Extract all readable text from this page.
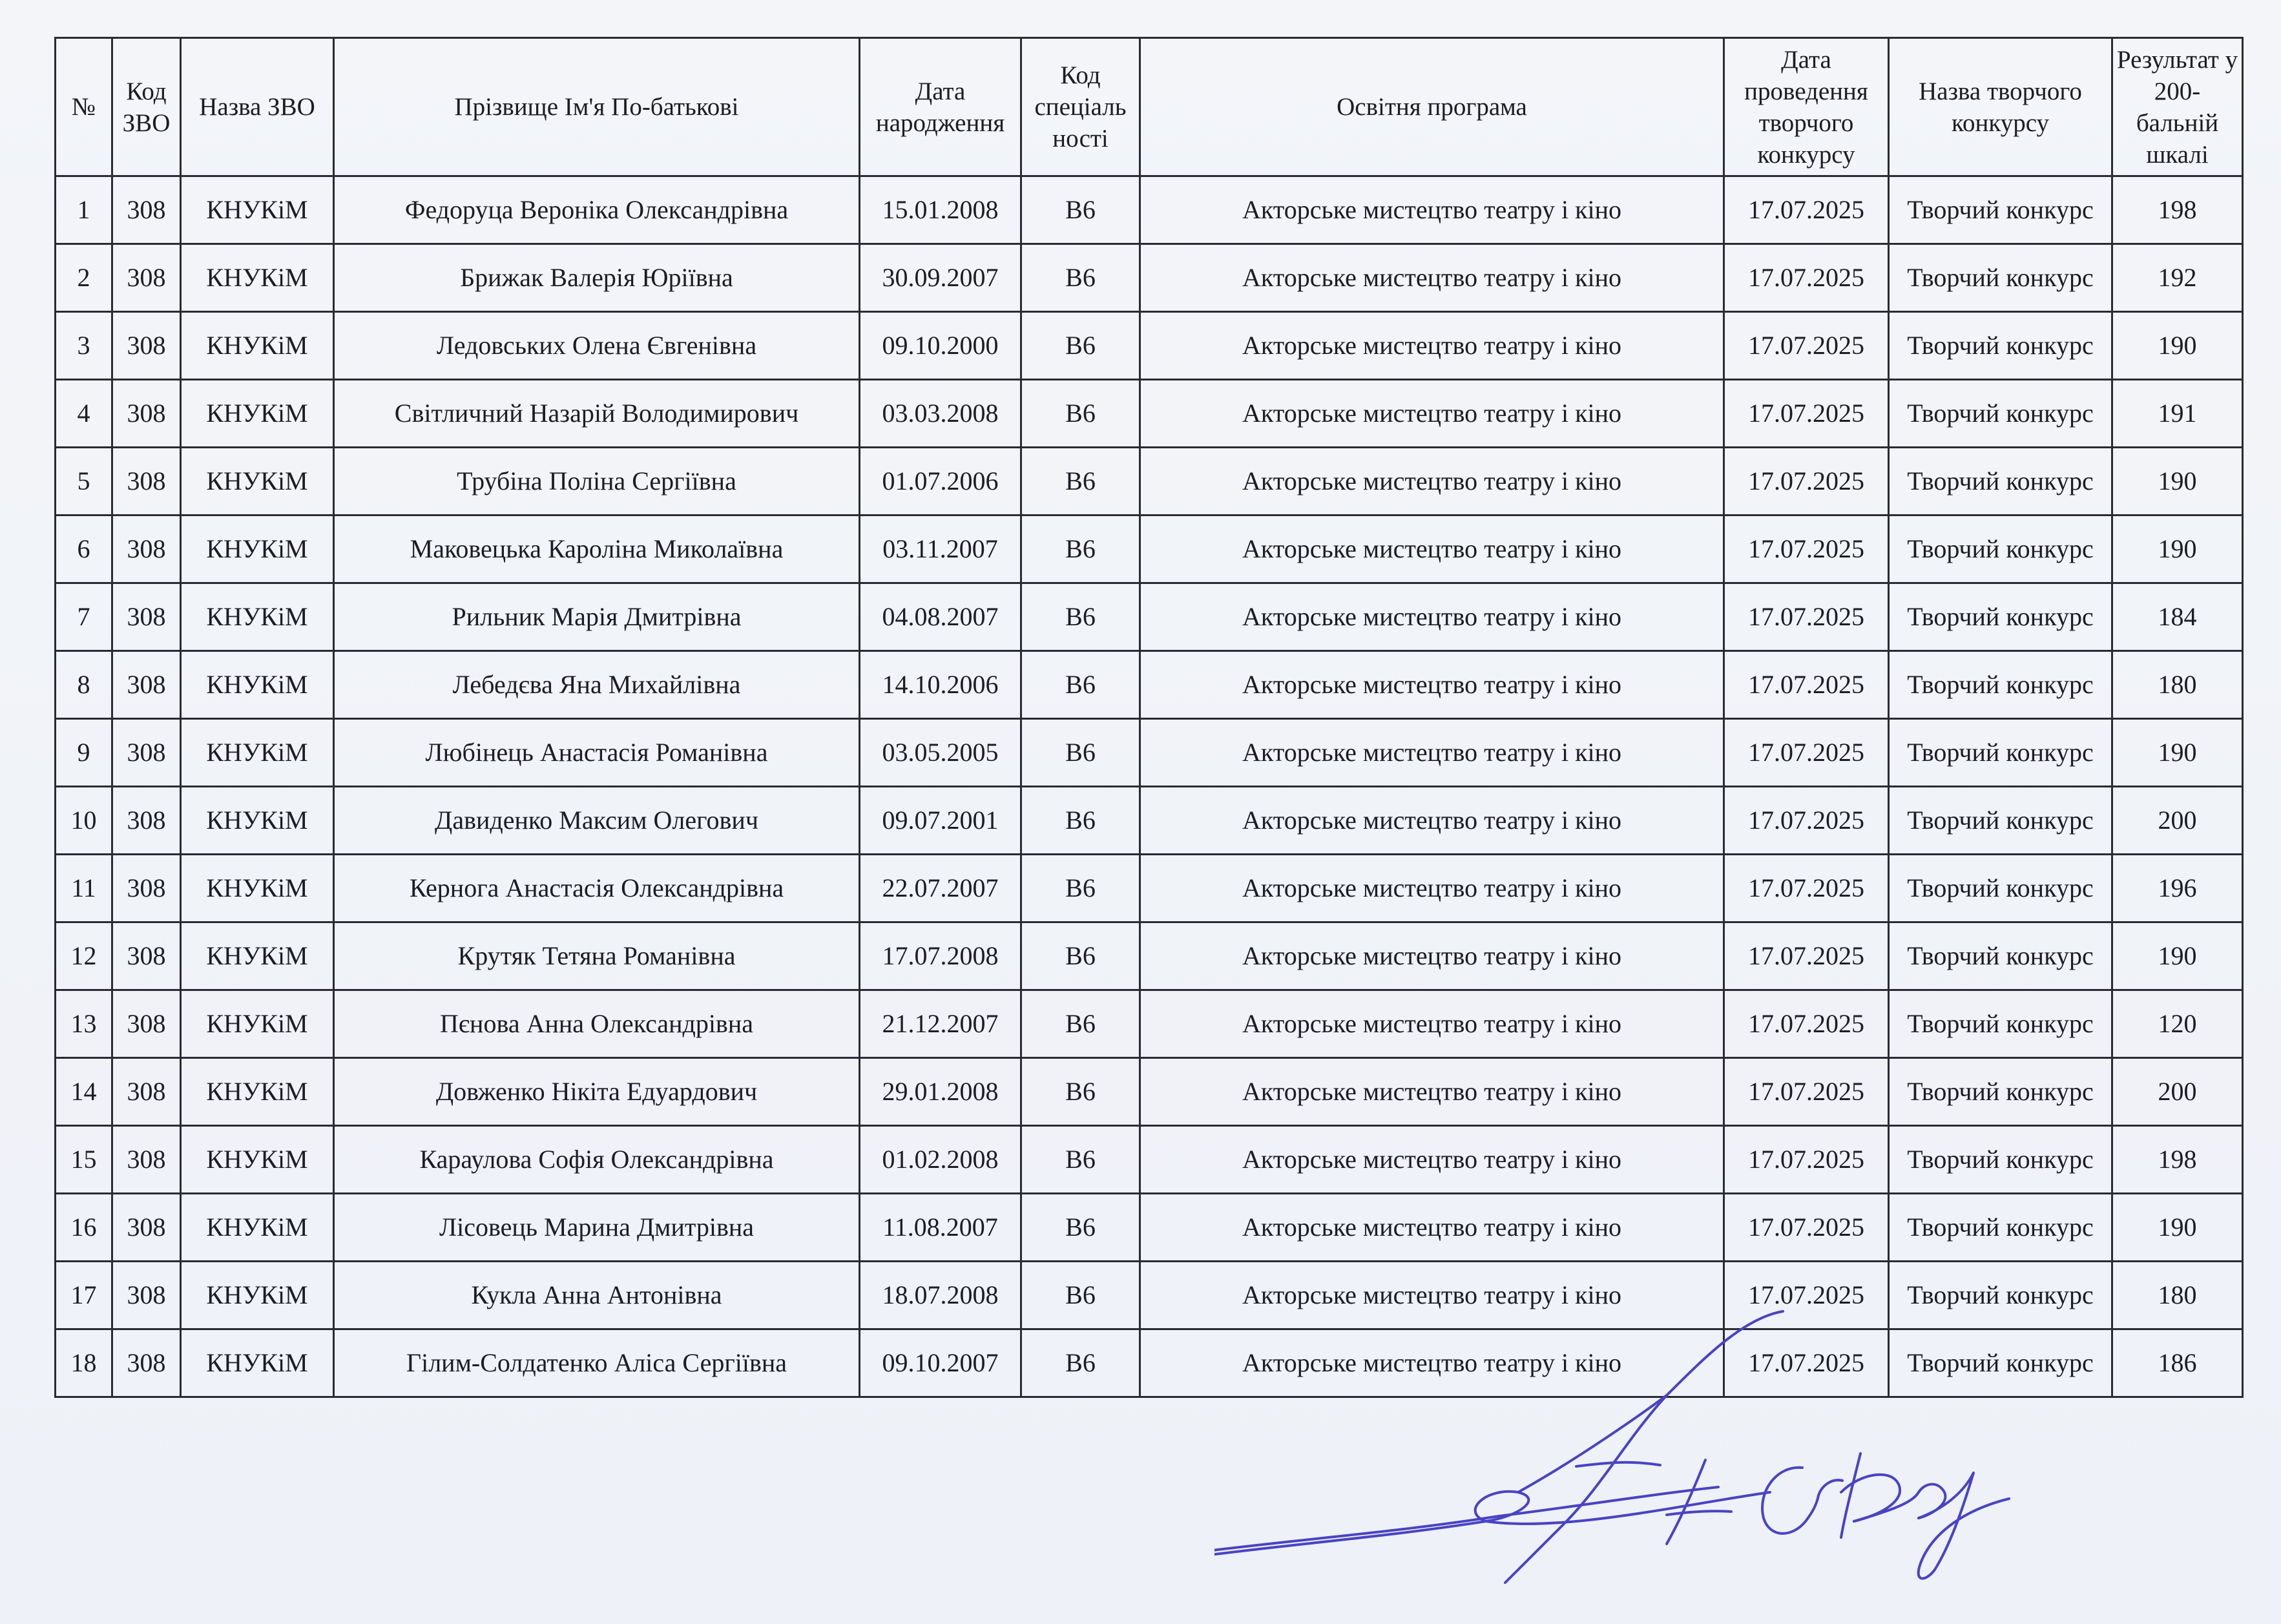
№	Код ЗВО	Назва ЗВО	Прізвище Ім'я По-батькові	Дата народження	Код спеціаль ності	Освітня програма	Дата проведення творчого конкурсу	Назва творчого конкурсу	Результат у 200-бальній шкалі
1	308	КНУКіМ	Федоруца Вероніка Олександрівна	15.01.2008	В6	Акторське мистецтво театру і кіно	17.07.2025	Творчий конкурс	198
2	308	КНУКіМ	Брижак Валерія Юріївна	30.09.2007	В6	Акторське мистецтво театру і кіно	17.07.2025	Творчий конкурс	192
3	308	КНУКіМ	Ледовських Олена Євгенівна	09.10.2000	В6	Акторське мистецтво театру і кіно	17.07.2025	Творчий конкурс	190
4	308	КНУКіМ	Світличний Назарій Володимирович	03.03.2008	В6	Акторське мистецтво театру і кіно	17.07.2025	Творчий конкурс	191
5	308	КНУКіМ	Трубіна Поліна Сергіївна	01.07.2006	В6	Акторське мистецтво театру і кіно	17.07.2025	Творчий конкурс	190
6	308	КНУКіМ	Маковецька Кароліна Миколаївна	03.11.2007	В6	Акторське мистецтво театру і кіно	17.07.2025	Творчий конкурс	190
7	308	КНУКіМ	Рильник Марія Дмитрівна	04.08.2007	В6	Акторське мистецтво театру і кіно	17.07.2025	Творчий конкурс	184
8	308	КНУКіМ	Лебедєва Яна Михайлівна	14.10.2006	В6	Акторське мистецтво театру і кіно	17.07.2025	Творчий конкурс	180
9	308	КНУКіМ	Любінець Анастасія Романівна	03.05.2005	В6	Акторське мистецтво театру і кіно	17.07.2025	Творчий конкурс	190
10	308	КНУКіМ	Давиденко Максим Олегович	09.07.2001	В6	Акторське мистецтво театру і кіно	17.07.2025	Творчий конкурс	200
11	308	КНУКіМ	Кернога Анастасія Олександрівна	22.07.2007	В6	Акторське мистецтво театру і кіно	17.07.2025	Творчий конкурс	196
12	308	КНУКіМ	Крутяк Тетяна Романівна	17.07.2008	В6	Акторське мистецтво театру і кіно	17.07.2025	Творчий конкурс	190
13	308	КНУКіМ	Пєнова Анна Олександрівна	21.12.2007	В6	Акторське мистецтво театру і кіно	17.07.2025	Творчий конкурс	120
14	308	КНУКіМ	Довженко Нікіта Едуардович	29.01.2008	В6	Акторське мистецтво театру і кіно	17.07.2025	Творчий конкурс	200
15	308	КНУКіМ	Караулова Софія Олександрівна	01.02.2008	В6	Акторське мистецтво театру і кіно	17.07.2025	Творчий конкурс	198
16	308	КНУКіМ	Лісовець Марина Дмитрівна	11.08.2007	В6	Акторське мистецтво театру і кіно	17.07.2025	Творчий конкурс	190
17	308	КНУКіМ	Кукла Анна Антонівна	18.07.2008	В6	Акторське мистецтво театру і кіно	17.07.2025	Творчий конкурс	180
18	308	КНУКіМ	Гілим-Солдатенко Аліса Сергіївна	09.10.2007	В6	Акторське мистецтво театру і кіно	17.07.2025	Творчий конкурс	186
